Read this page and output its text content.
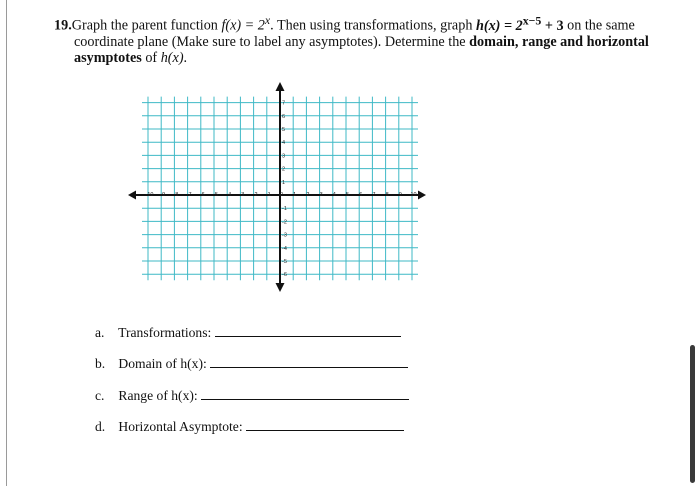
19.Graph the parent function $f(x) = 2^x$. Then using transformations, graph $h(x) = 2^{x-5} + 3$ on the same
coordinate plane (Make sure to label any asymptotes). Determine the domain, range and horizontal
asymptotes of h(x).
-10 -9 -8 -7 -6 -5 -4 -3 -2 -1 0 1 2 3 4 5 6 7 8 9 10
1
2
3
4
5
6
7
-1
-2
-3
-4
-5
-6
a. Transformations:
b. Domain of h(x):
c. Range of h(x):
d. Horizontal Asymptote:
